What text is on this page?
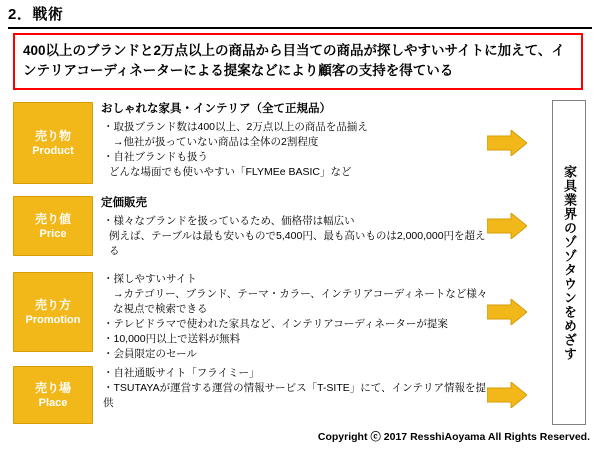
2．戦術
400以上のブランドと2万点以上の商品から目当ての商品が探しやすいサイトに加えて、インテリアコーディネーターによる提案などにより顧客の支持を得ている
売り物
Product
おしゃれな家具・インテリア（全て正規品）
・取扱ブランド数は400以上、2万点以上の商品を品揃え
→他社が扱っていない商品は全体の2割程度
・自社ブランドも扱う
どんな場面でも使いやすい「FLYMEe BASIC」など
売り値
Price
定価販売
・様々なブランドを扱っているため、価格帯は幅広い
例えば、テーブルは最も安いもので5,400円、最も高いものは2,000,000円を超える
売り方
Promotion
・探しやすいサイト
→カテゴリー、ブランド、テーマ・カラー、インテリアコーディネートなど様々な視点で検索できる
・テレビドラマで使われた家具など、インテリアコーディネーターが提案
・10,000円以上で送料が無料
・会員限定のセール
売り場
Place
・自社通販サイト「フライミー」
・TSUTAYAが運営する運営の情報サービス「T-SITE」にて、インテリア情報を提供
家具業界のゾゾタウンをめざす
Copyright ⓒ 2017 ResshiAoyama All Rights Reserved.
